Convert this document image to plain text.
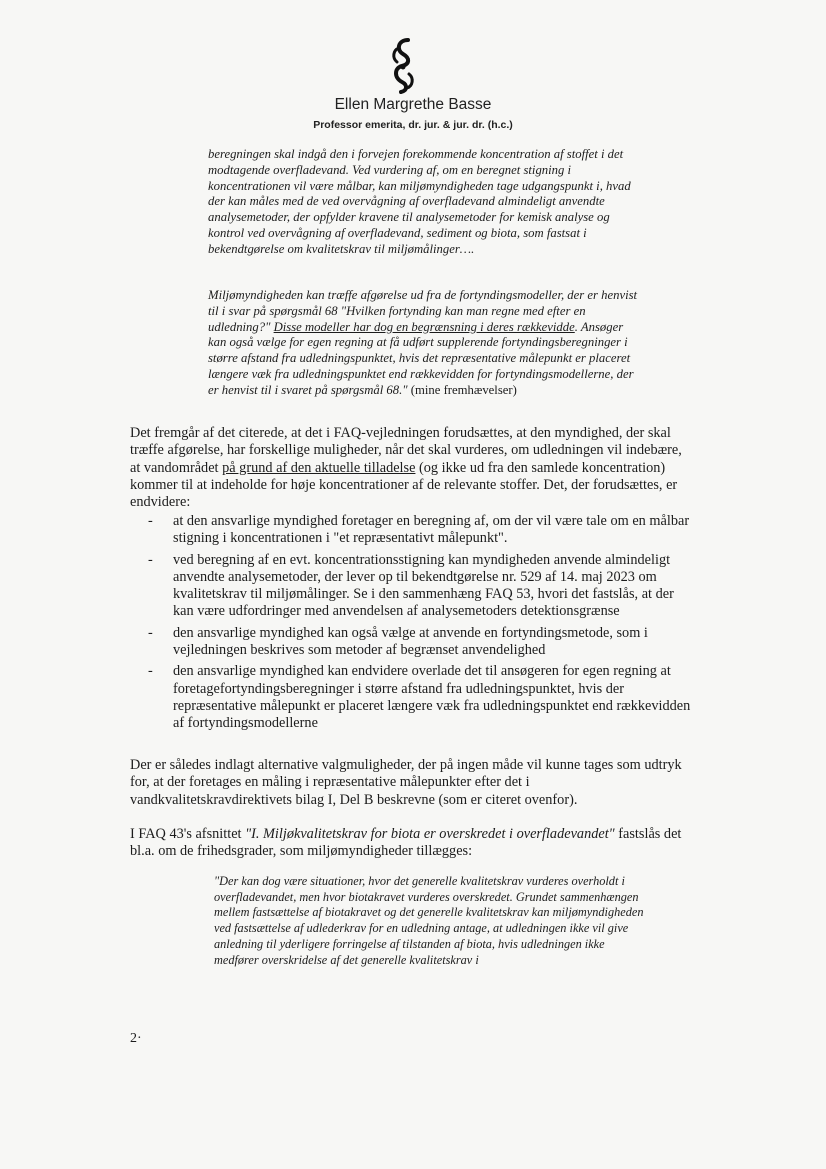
Ellen Margrethe Basse
Professor emerita, dr. jur. & jur. dr. (h.c.)

beregningen skal indgå den i forvejen forekommende koncentration af stoffet i det modtagende overfladevand. Ved vurdering af, om en beregnet stigning i koncentrationen vil være målbar, kan miljømyndigheden tage udgangspunkt i, hvad der kan måles med de ved overvågning af overfladevand almindeligt anvendte analysemetoder, der opfylder kravene til analysemetoder for kemisk analyse og kontrol ved overvågning af overfladevand, sediment og biota, som fastsat i bekendtgørelse om kvalitetskrav til miljømålinger….

Miljømyndigheden kan træffe afgørelse ud fra de fortyndingsmodeller, der er henvist til i svar på spørgsmål 68 "Hvilken fortynding kan man regne med efter en udledning?" Disse modeller har dog en begrænsning i deres rækkevidde. Ansøger kan også vælge for egen regning at få udført supplerende fortyndingsberegninger i større afstand fra udledningspunktet, hvis det repræsentative målepunkt er placeret længere væk fra udledningspunktet end rækkevidden for fortyndingsmodellerne, der er henvist til i svaret på spørgsmål 68." (mine fremhævelser)

Det fremgår af det citerede, at det i FAQ-vejledningen forudsættes, at den myndighed, der skal træffe afgørelse, har forskellige muligheder, når det skal vurderes, om udledningen vil indebære, at vandområdet på grund af den aktuelle tilladelse (og ikke ud fra den samlede koncentration) kommer til at indeholde for høje koncentrationer af de relevante stoffer. Det, der forudsættes, er endvidere:

- at den ansvarlige myndighed foretager en beregning af, om der vil være tale om en målbar stigning i koncentrationen i "et repræsentativt målepunkt".
- ved beregning af en evt. koncentrationsstigning kan myndigheden anvende almindeligt anvendte analysemetoder, der lever op til bekendtgørelse nr. 529 af 14. maj 2023 om kvalitetskrav til miljømålinger. Se i den sammenhæng FAQ 53, hvori det fastslås, at der kan være udfordringer med anvendelsen af analysemetoders detektionsgrænse
- den ansvarlige myndighed kan også vælge at anvende en fortyndingsmetode, som i vejledningen beskrives som metoder af begrænset anvendelighed
- den ansvarlige myndighed kan endvidere overlade det til ansøgeren for egen regning at foretagefortyndingsberegninger i større afstand fra udledningspunktet, hvis der repræsentative målepunkt er placeret længere væk fra udledningspunktet end rækkevidden af fortyndingsmodellerne

Der er således indlagt alternative valgmuligheder, der på ingen måde vil kunne tages som udtryk for, at der foretages en måling i repræsentative målepunkter efter det i vandkvalitetskravdirektivets bilag I, Del B beskrevne (som er citeret ovenfor).

I FAQ 43's afsnittet "I. Miljøkvalitetskrav for biota er overskredet i overfladevandet" fastslås det bl.a. om de frihedsgrader, som miljømyndigheder tillægges:

"Der kan dog være situationer, hvor det generelle kvalitetskrav vurderes overholdt i overfladevandet, men hvor biotakravet vurderes overskredet. Grundet sammenhængen mellem fastsættelse af biotakravet og det generelle kvalitetskrav kan miljømyndigheden ved fastsættelse af udlederkrav for en udledning antage, at udledningen ikke vil give anledning til yderligere forringelse af tilstanden af biota, hvis udledningen ikke medfører overskridelse af det generelle kvalitetskrav i

2·
